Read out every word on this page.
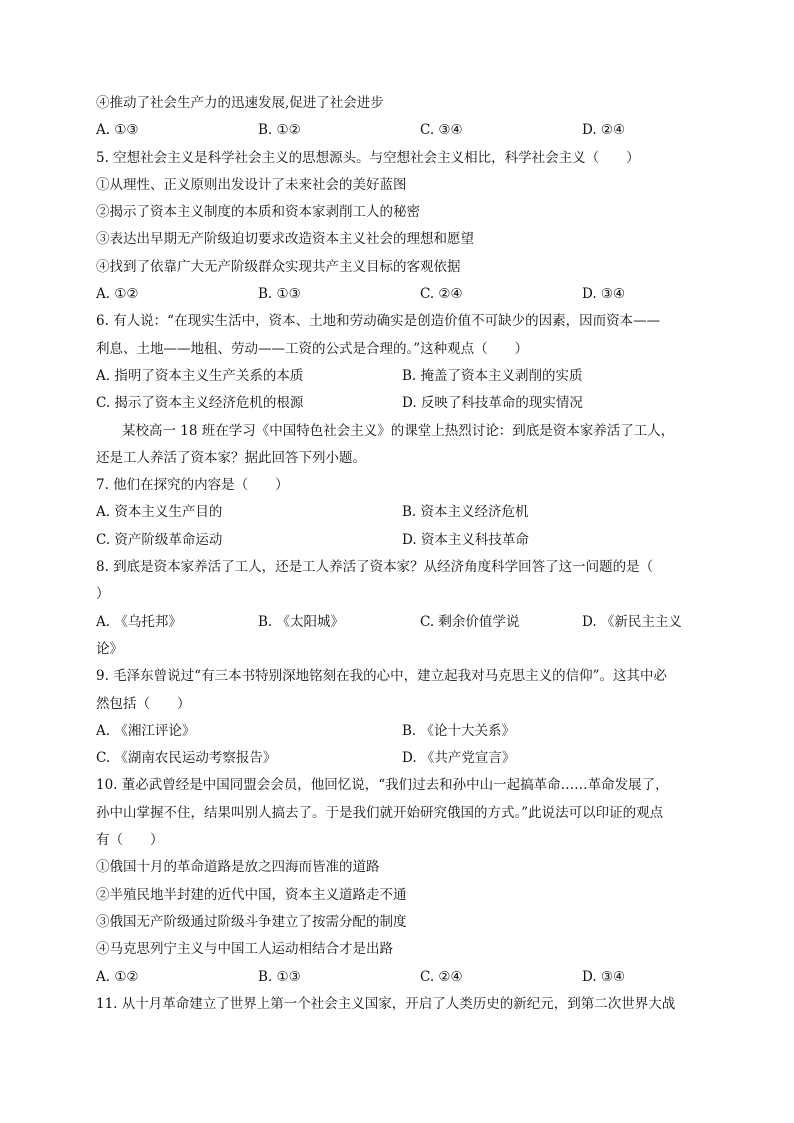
④推动了社会生产力的迅速发展,促进了社会进步
A. ①③	B. ①②	C. ③④	D. ②④
5. 空想社会主义是科学社会主义的思想源头。与空想社会主义相比，科学社会主义（　　）
①从理性、正义原则出发设计了未来社会的美好蓝图
②揭示了资本主义制度的本质和资本家剥削工人的秘密
③表达出早期无产阶级迫切要求改造资本主义社会的理想和愿望
④找到了依靠广大无产阶级群众实现共产主义目标的客观依据
A. ①②	B. ①③	C. ②④	D. ③④
6. 有人说：“在现实生活中，资本、土地和劳动确实是创造价值不可缺少的因素，因而资本——
利息、土地——地租、劳动——工资的公式是合理的。”这种观点（　　）
A. 指明了资本主义生产关系的本质	B. 掩盖了资本主义剥削的实质
C. 揭示了资本主义经济危机的根源	D. 反映了科技革命的现实情况
某校高一 18 班在学习《中国特色社会主义》的课堂上热烈讨论：到底是资本家养活了工人，
还是工人养活了资本家？据此回答下列小题。
7. 他们在探究的内容是（　　）
A. 资本主义生产目的	B. 资本主义经济危机
C. 资产阶级革命运动	D. 资本主义科技革命
8. 到底是资本家养活了工人，还是工人养活了资本家？从经济角度科学回答了这一问题的是（
）
A. 《乌托邦》	B. 《太阳城》	C. 剩余价值学说	D. 《新民主主义
论》
9. 毛泽东曾说过“有三本书特别深地铭刻在我的心中，建立起我对马克思主义的信仰”。这其中必
然包括（　　）
A. 《湘江评论》	B. 《论十大关系》
C. 《湖南农民运动考察报告》	D. 《共产党宣言》
10. 董必武曾经是中国同盟会会员，他回忆说，“我们过去和孙中山一起搞革命……革命发展了，
孙中山掌握不住，结果叫别人搞去了。于是我们就开始研究俄国的方式。”此说法可以印证的观点
有（　　）
①俄国十月的革命道路是放之四海而皆准的道路
②半殖民地半封建的近代中国，资本主义道路走不通
③俄国无产阶级通过阶级斗争建立了按需分配的制度
④马克思列宁主义与中国工人运动相结合才是出路
A. ①②	B. ①③	C. ②④	D. ③④
11. 从十月革命建立了世界上第一个社会主义国家，开启了人类历史的新纪元，到第二次世界大战
